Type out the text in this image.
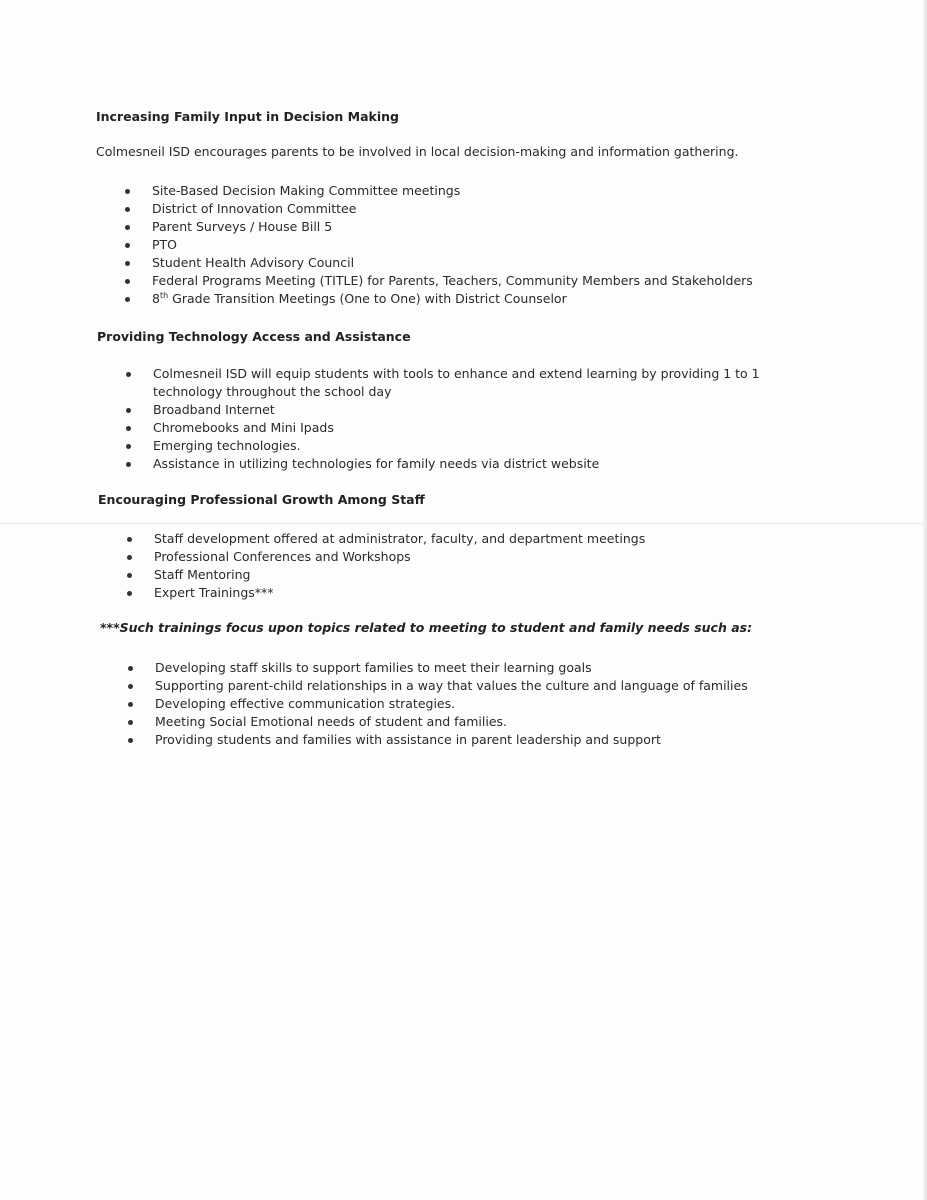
Increasing Family Input in Decision Making
Colmesneil ISD encourages parents to be involved in local decision-making and information gathering.
Site-Based Decision Making Committee meetings
District of Innovation Committee
Parent Surveys / House Bill 5
PTO
Student Health Advisory Council
Federal Programs Meeting (TITLE) for Parents, Teachers, Community Members and Stakeholders
8th Grade Transition Meetings (One to One) with District Counselor
Providing Technology Access and Assistance
Colmesneil ISD will equip students with tools to enhance and extend learning by providing 1 to 1 technology throughout the school day
Broadband Internet
Chromebooks and Mini Ipads
Emerging technologies.
Assistance in utilizing technologies for family needs via district website
Encouraging Professional Growth Among Staff
Staff development offered at administrator, faculty, and department meetings
Professional Conferences and Workshops
Staff Mentoring
Expert Trainings***
***Such trainings focus upon topics related to meeting to student and family needs such as:
Developing staff skills to support families to meet their learning goals
Supporting parent-child relationships in a way that values the culture and language of families
Developing effective communication strategies.
Meeting Social Emotional needs of student and families.
Providing students and families with assistance in parent leadership and support
